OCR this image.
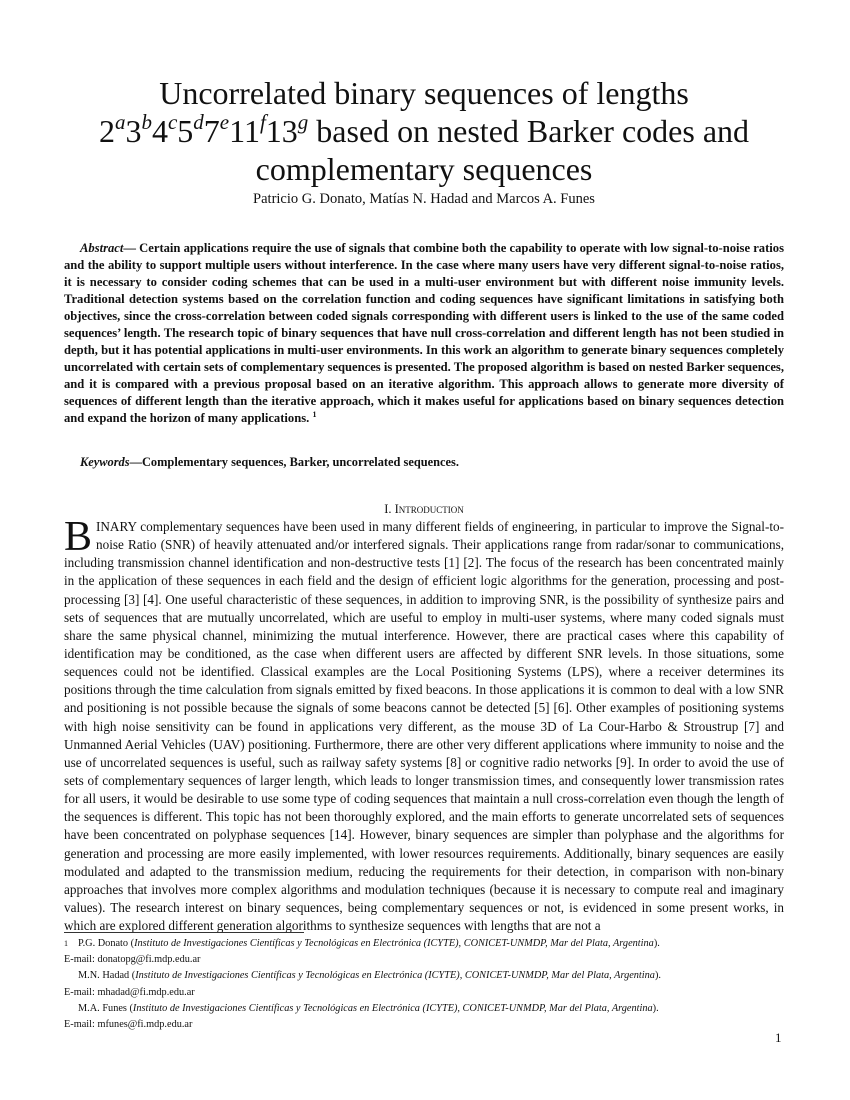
Uncorrelated binary sequences of lengths
2$^a$3$^b$4$^c$5$^d$7e11$^f$13$^g$ based on nested Barker codes and
complementary sequences
Patricio G. Donato, Matías N. Hadad and Marcos A. Funes

Abstract— Certain applications require the use of signals that combine both the capability to operate with low signal-to-noise ratios and the ability to support multiple users without interference. In the case where many users have very different signal-to-noise ratios, it is necessary to consider coding schemes that can be used in a multi-user environment but with different noise immunity levels. Traditional detection systems based on the correlation function and coding sequences have significant limitations in satisfying both objectives, since the cross-correlation between coded signals corresponding with different users is linked to the use of the same coded sequences’ length. The research topic of binary sequences that have null cross-correlation and different length has not been studied in depth, but it has potential applications in multi-user environments. In this work an algorithm to generate binary sequences completely uncorrelated with certain sets of complementary sequences is presented. The proposed algorithm is based on nested Barker sequences, and it is compared with a previous proposal based on an iterative algorithm. This approach allows to generate more diversity of sequences of different length than the iterative approach, which it makes useful for applications based on binary sequences detection and expand the horizon of many applications. $^1$

Keywords—Complementary sequences, Barker, uncorrelated sequences.
I. Introduction

BINARY complementary sequences have been used in many different fields of engineering, in particular to improve the Signal-to-noise Ratio (SNR) of heavily attenuated and/or interfered signals. Their applications range from radar/sonar to communications, including transmission channel identification and non-destructive tests [1] [2]. The focus of the research has been concentrated mainly in the application of these sequences in each field and the design of efficient logic algorithms for the generation, processing and post-processing [3] [4]. One useful characteristic of these sequences, in addition to improving SNR, is the possibility of synthesize pairs and sets of sequences that are mutually uncorrelated, which are useful to employ in multi-user systems, where many coded signals must share the same physical channel, minimizing the mutual interference. However, there are practical cases where this capability of identification may be conditioned, as the case when different users are affected by different SNR levels. In those situations, some sequences could not be identified. Classical examples are the Local Positioning Systems (LPS), where a receiver determines its positions through the time calculation from signals emitted by fixed beacons. In those applications it is common to deal with a low SNR and positioning is not possible because the signals of some beacons cannot be detected [5] [6]. Other examples of positioning systems with high noise sensitivity can be found in applications very different, as the mouse 3D of La Cour-Harbo & Stroustrup [7] and Unmanned Aerial Vehicles (UAV) positioning. Furthermore, there are other very different applications where immunity to noise and the use of uncorrelated sequences is useful, such as railway safety systems [8] or cognitive radio networks [9]. In order to avoid the use of sets of complementary sequences of larger length, which leads to longer transmission times, and consequently lower transmission rates for all users, it would be desirable to use some type of coding sequences that maintain a null cross-correlation even though the length of the sequences is different. This topic has not been thoroughly explored, and the main efforts to generate uncorrelated sets of sequences have been concentrated on polyphase sequences [14]. However, binary sequences are simpler than polyphase and the algorithms for generation and processing are more easily implemented, with lower resources requirements. Additionally, binary sequences are easily modulated and adapted to the transmission medium, reducing the requirements for their detection, in comparison with non-binary approaches that involves more complex algorithms and modulation techniques (because it is necessary to compute real and imaginary values). The research interest on binary sequences, being complementary sequences or not, is evidenced in some present works, in which are explored different generation algorithms to synthesize sequences with lengths that are not a

1 P.G. Donato (Instituto de Investigaciones Científicas y Tecnológicas en Electrónica (ICYTE), CONICET-UNMDP, Mar del Plata, Argentina).
E-mail: donatopg@fi.mdp.edu.ar
M.N. Hadad (Instituto de Investigaciones Científicas y Tecnológicas en Electrónica (ICYTE), CONICET-UNMDP, Mar del Plata, Argentina).
E-mail: mhadad@fi.mdp.edu.ar
M.A. Funes (Instituto de Investigaciones Científicas y Tecnológicas en Electrónica (ICYTE), CONICET-UNMDP, Mar del Plata, Argentina).
E-mail: mfunes@fi.mdp.edu.ar
1
